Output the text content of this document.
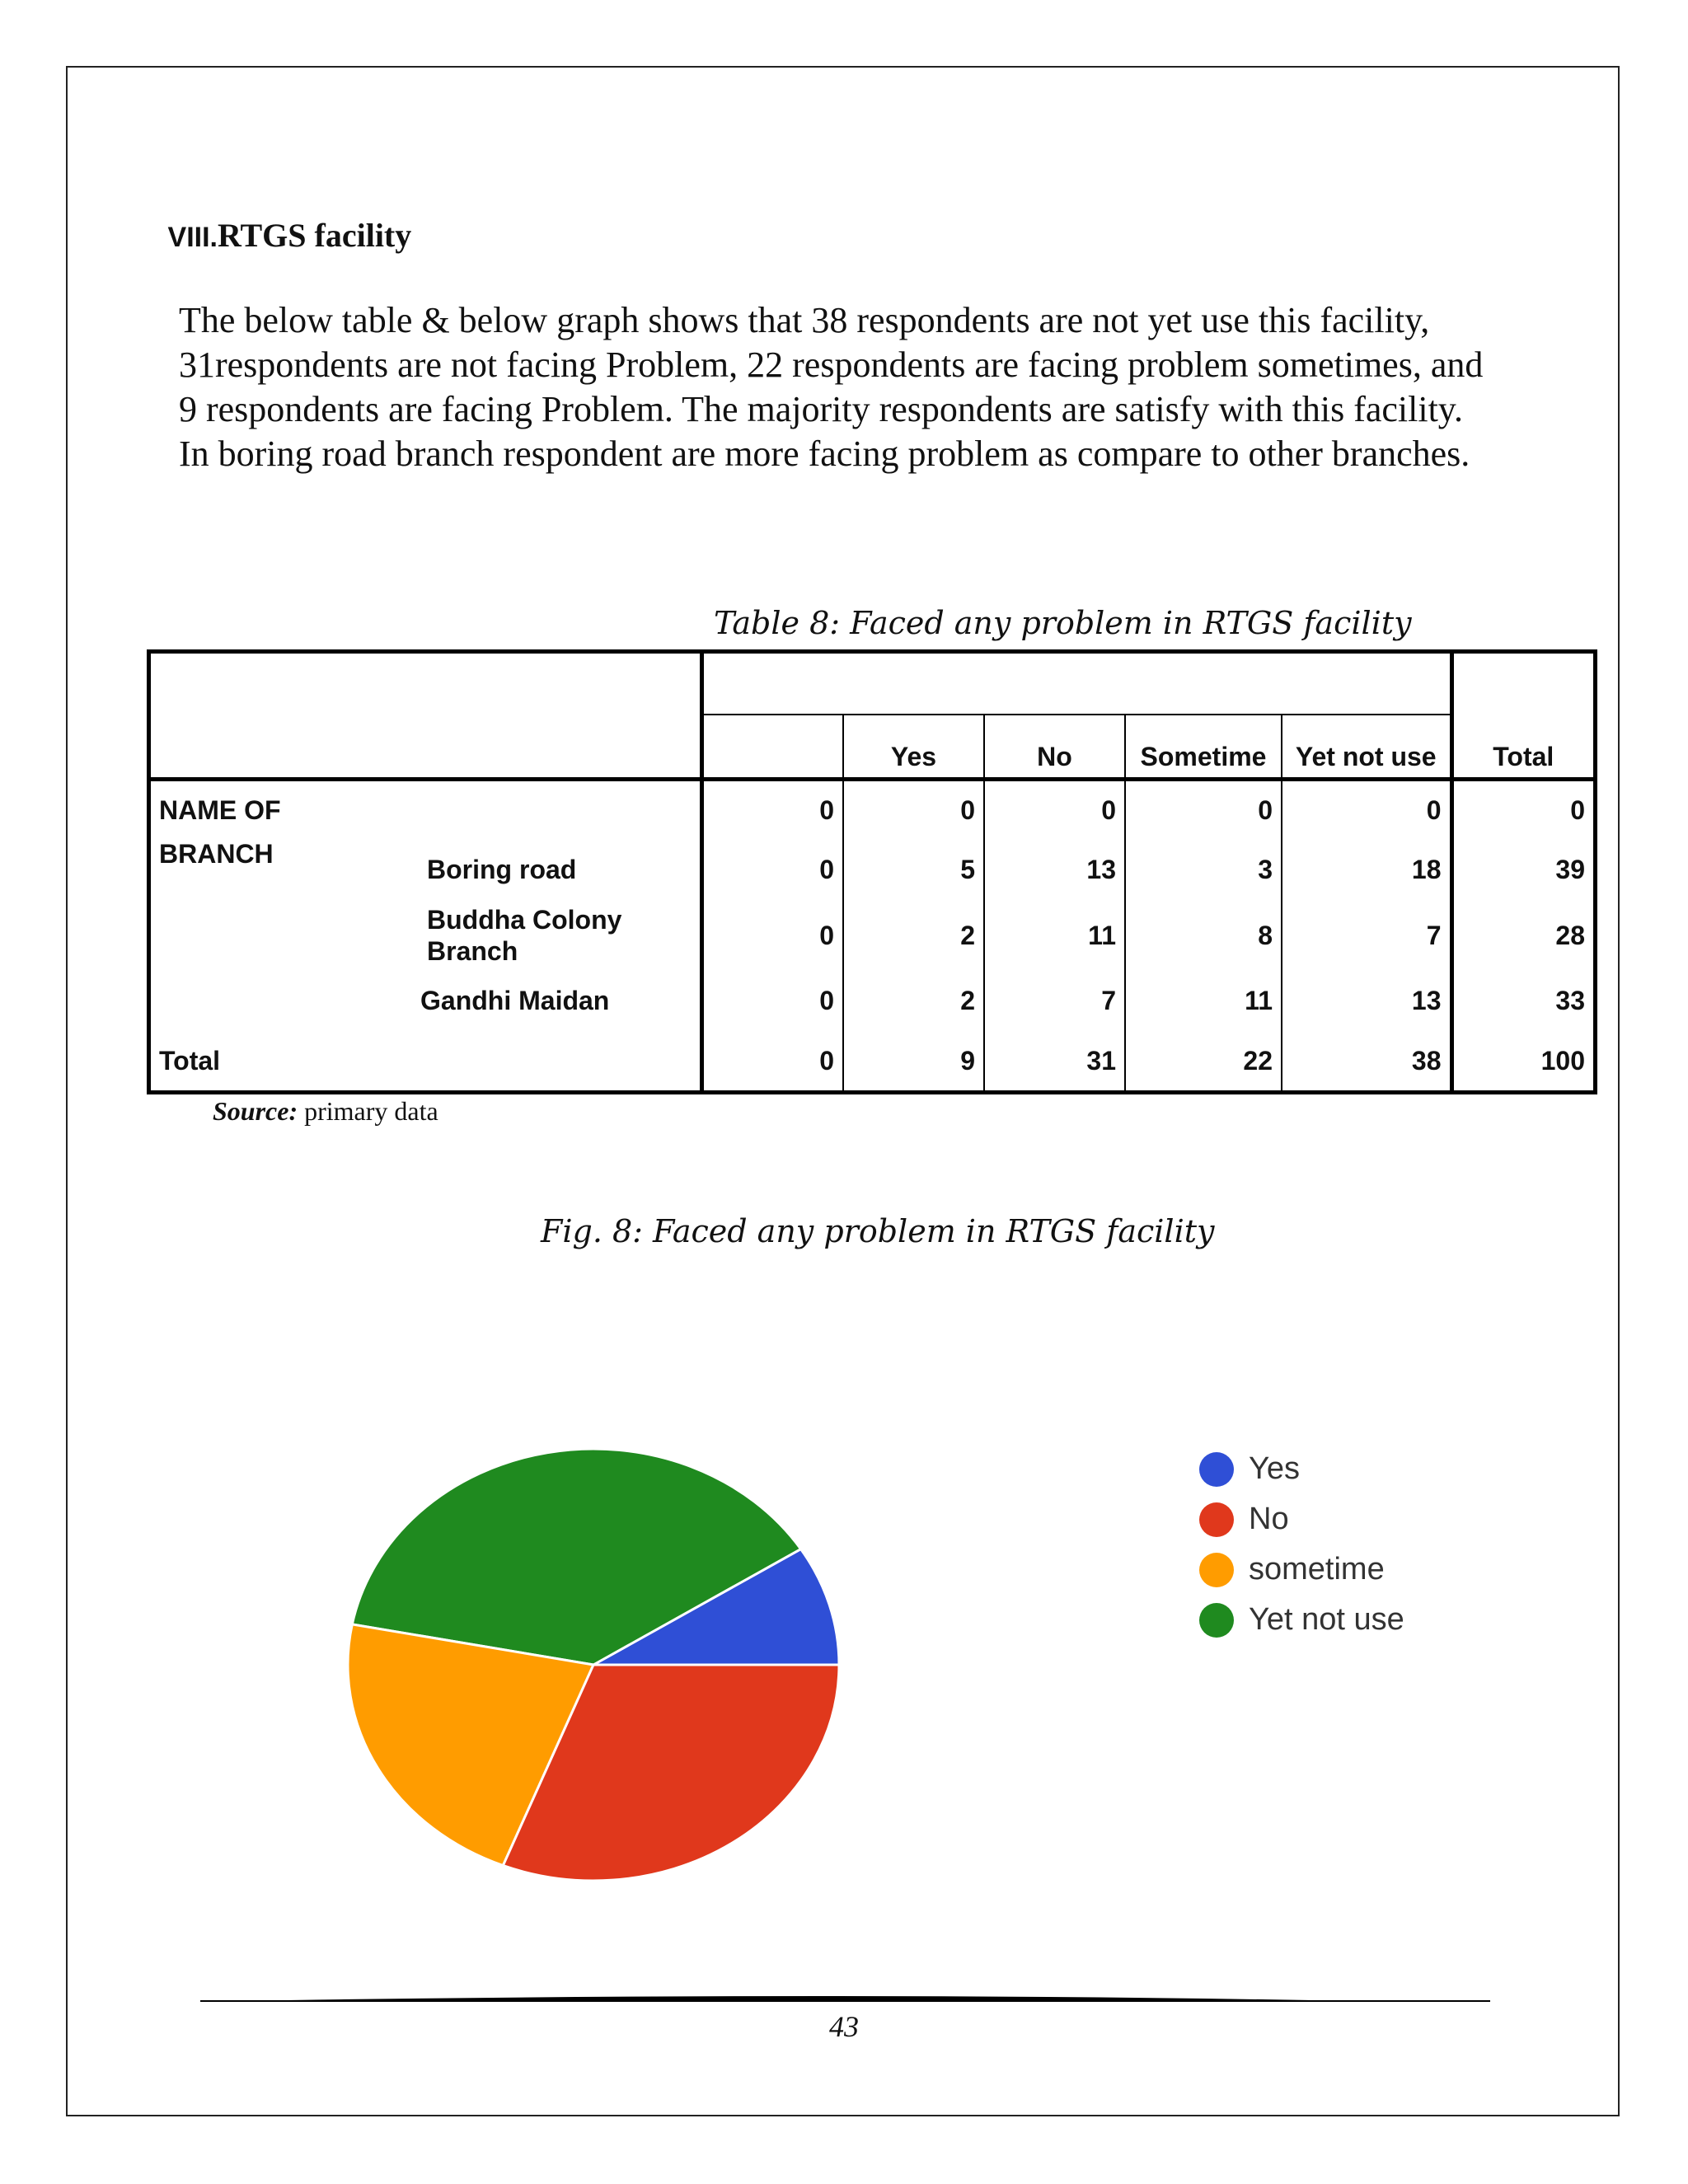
VIII.RTGS facility

The below table & below graph shows that 38 respondents are not yet use this facility, 31respondents are not facing Problem, 22 respondents are facing problem sometimes, and 9 respondents are facing Problem. The majority respondents are satisfy with this facility. In boring road branch respondent are more facing problem as compare to other branches.

Table 8: Faced any problem in RTGS facility
							Total
			Yes	No	Sometime	Yet not use	
NAME OF		0	0	0	0	0	0
BRANCH	Boring road	0	5	13	3	18	39
	Buddha Colony Branch	0	2	11	8	7	28
	Gandhi Maidan	0	2	7	11	13	33
Total		0	9	31	22	38	100
Source: primary data
Fig. 8: Faced any problem in RTGS facility
Yes
No
sometime
Yet not use
43
